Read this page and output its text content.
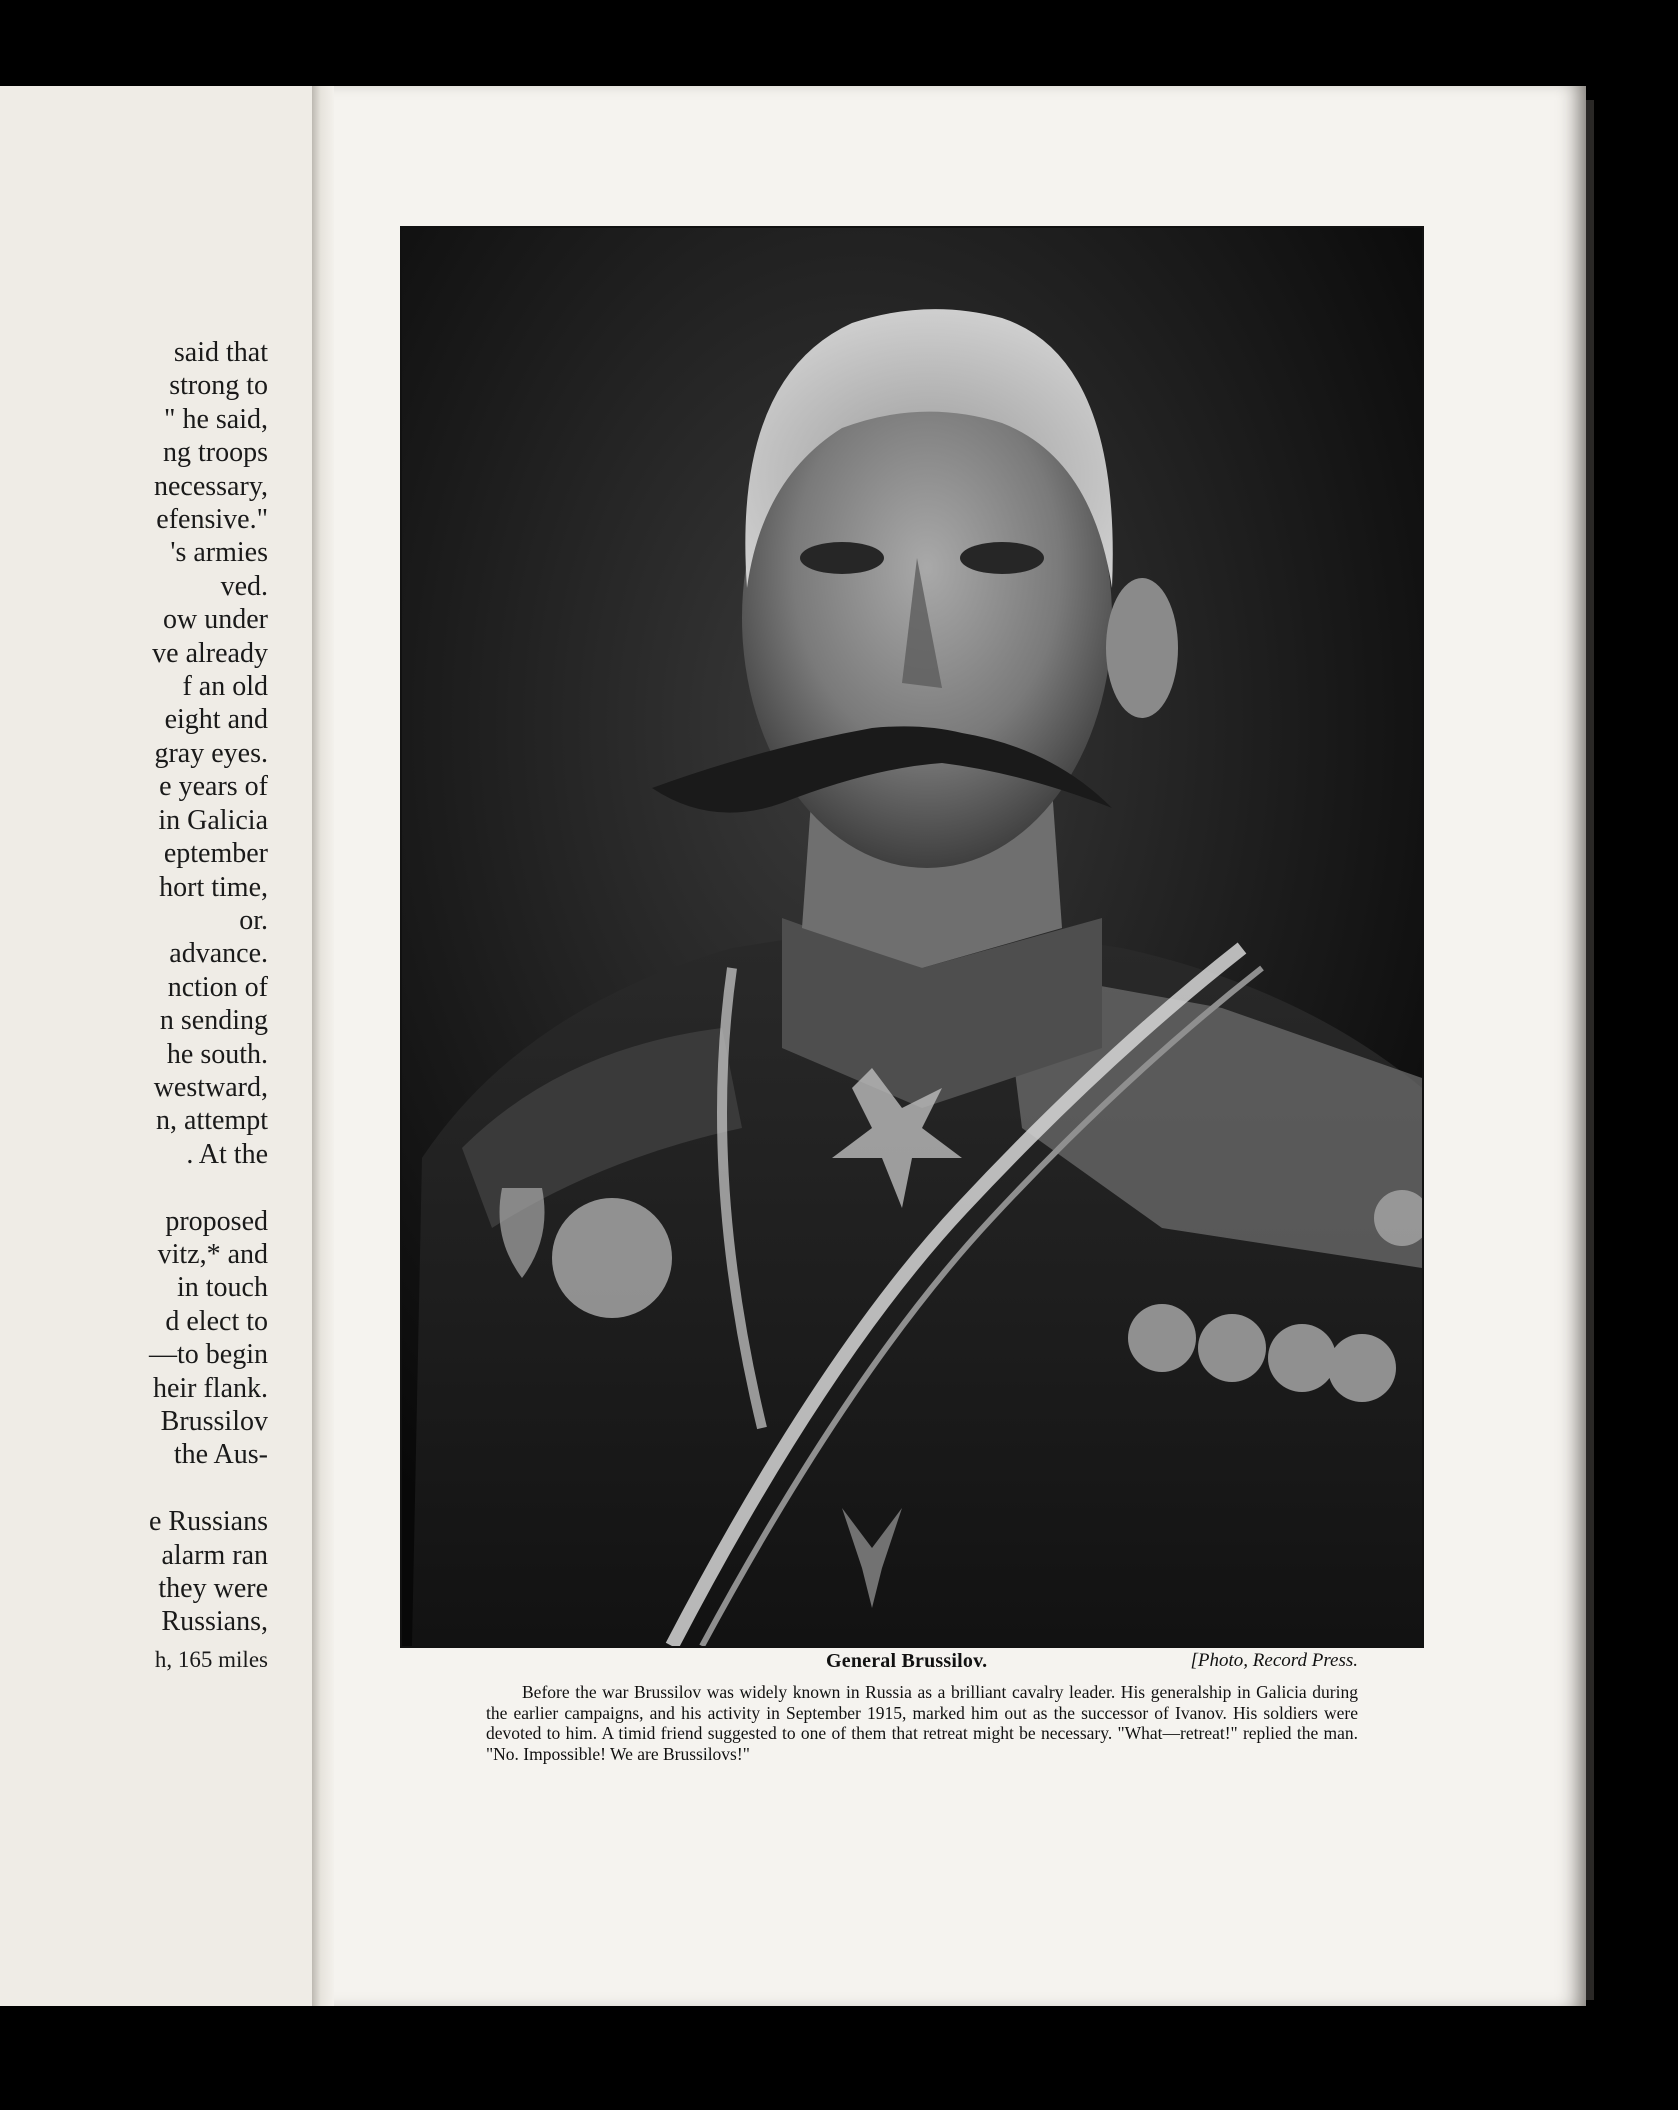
said that
strong to
" he said,
ng troops
necessary,
efensive."
's armies
ved.
ow under
ve already
f an old
eight and
gray eyes.
e years of
in Galicia
eptember
hort time,
or.
advance.
nction of
n sending
he south.
westward,
n, attempt
. At the
proposed
vitz,* and
in touch
d elect to
—to begin
heir flank.
Brussilov
the Aus-
e Russians
alarm ran
they were
Russians,
h, 165 miles	General Brussilov.	[Photo, Record Press.
Before the war Brussilov was widely known in Russia as a brilliant cavalry leader. His generalship in Galicia during the earlier campaigns, and his activity in September 1915, marked him out as the successor of Ivanov. His soldiers were devoted to him. A timid friend suggested to one of them that retreat might be necessary. "What—retreat!" replied the man. "No. Impossible! We are Brussilovs!"
